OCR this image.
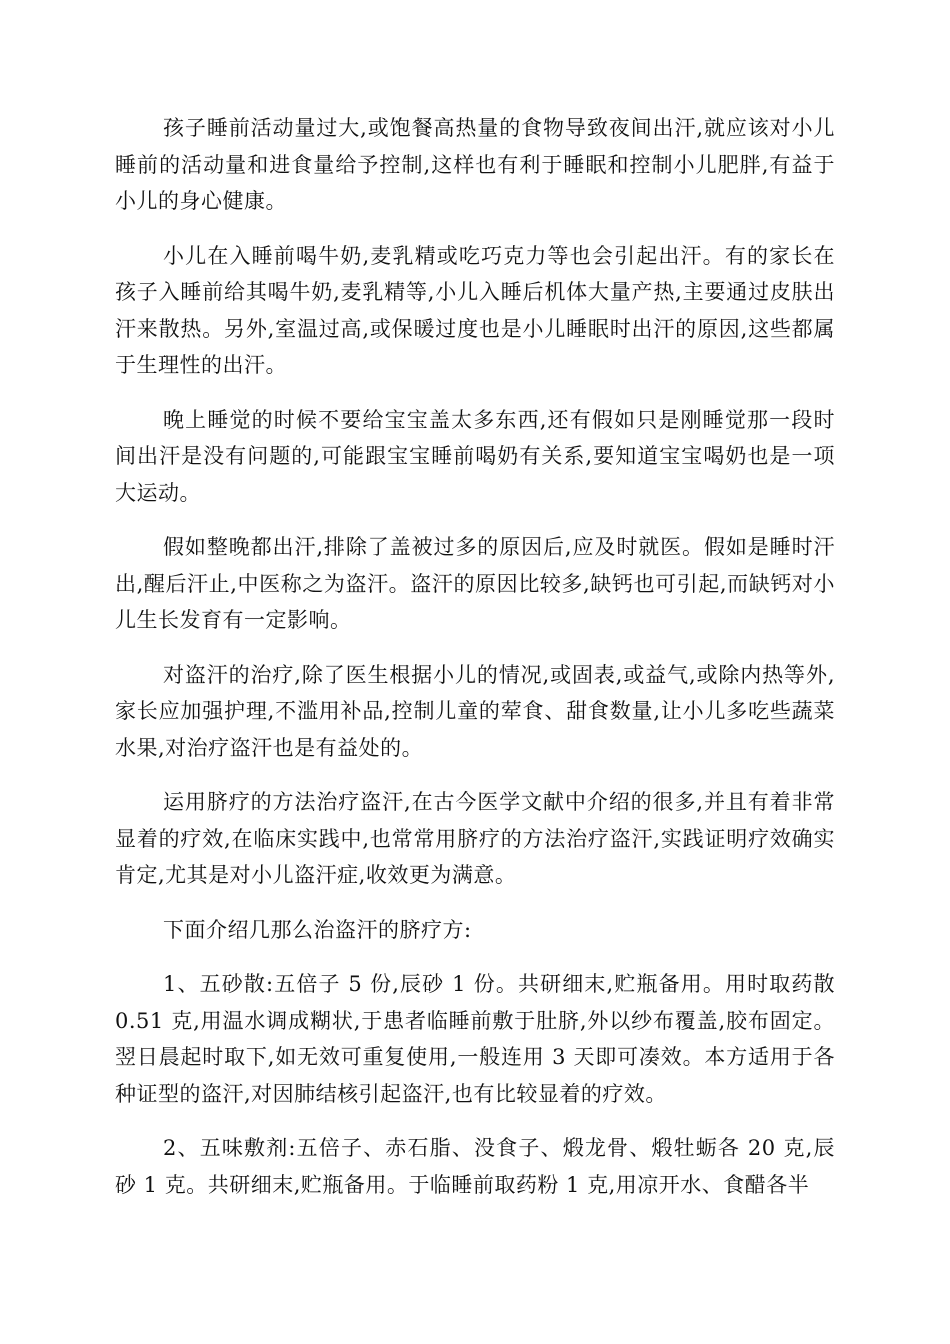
孩子睡前活动量过大,或饱餐高热量的食物导致夜间出汗,就应该对小儿睡前的活动量和进食量给予控制,这样也有利于睡眠和控制小儿肥胖,有益于小儿的身心健康。

小儿在入睡前喝牛奶,麦乳精或吃巧克力等也会引起出汗。有的家长在孩子入睡前给其喝牛奶,麦乳精等,小儿入睡后机体大量产热,主要通过皮肤出汗来散热。另外,室温过高,或保暖过度也是小儿睡眠时出汗的原因,这些都属于生理性的出汗。

晚上睡觉的时候不要给宝宝盖太多东西,还有假如只是刚睡觉那一段时间出汗是没有问题的,可能跟宝宝睡前喝奶有关系,要知道宝宝喝奶也是一项大运动。

假如整晚都出汗,排除了盖被过多的原因后,应及时就医。假如是睡时汗出,醒后汗止,中医称之为盗汗。盗汗的原因比较多,缺钙也可引起,而缺钙对小儿生长发育有一定影响。

对盗汗的治疗,除了医生根据小儿的情况,或固表,或益气,或除内热等外,家长应加强护理,不滥用补品,控制儿童的荤食、甜食数量,让小儿多吃些蔬菜水果,对治疗盗汗也是有益处的。

运用脐疗的方法治疗盗汗,在古今医学文献中介绍的很多,并且有着非常显着的疗效,在临床实践中,也常常用脐疗的方法治疗盗汗,实践证明疗效确实肯定,尤其是对小儿盗汗症,收效更为满意。

下面介绍几那么治盗汗的脐疗方:

1、五砂散:五倍子 5 份,辰砂 1 份。共研细末,贮瓶备用。用时取药散 0.51 克,用温水调成糊状,于患者临睡前敷于肚脐,外以纱布覆盖,胶布固定。翌日晨起时取下,如无效可重复使用,一般连用 3 天即可凑效。本方适用于各种证型的盗汗,对因肺结核引起盗汗,也有比较显着的疗效。

2、五味敷剂:五倍子、赤石脂、没食子、煅龙骨、煅牡蛎各 20 克,辰砂 1 克。共研细末,贮瓶备用。于临睡前取药粉 1 克,用凉开水、食醋各半
